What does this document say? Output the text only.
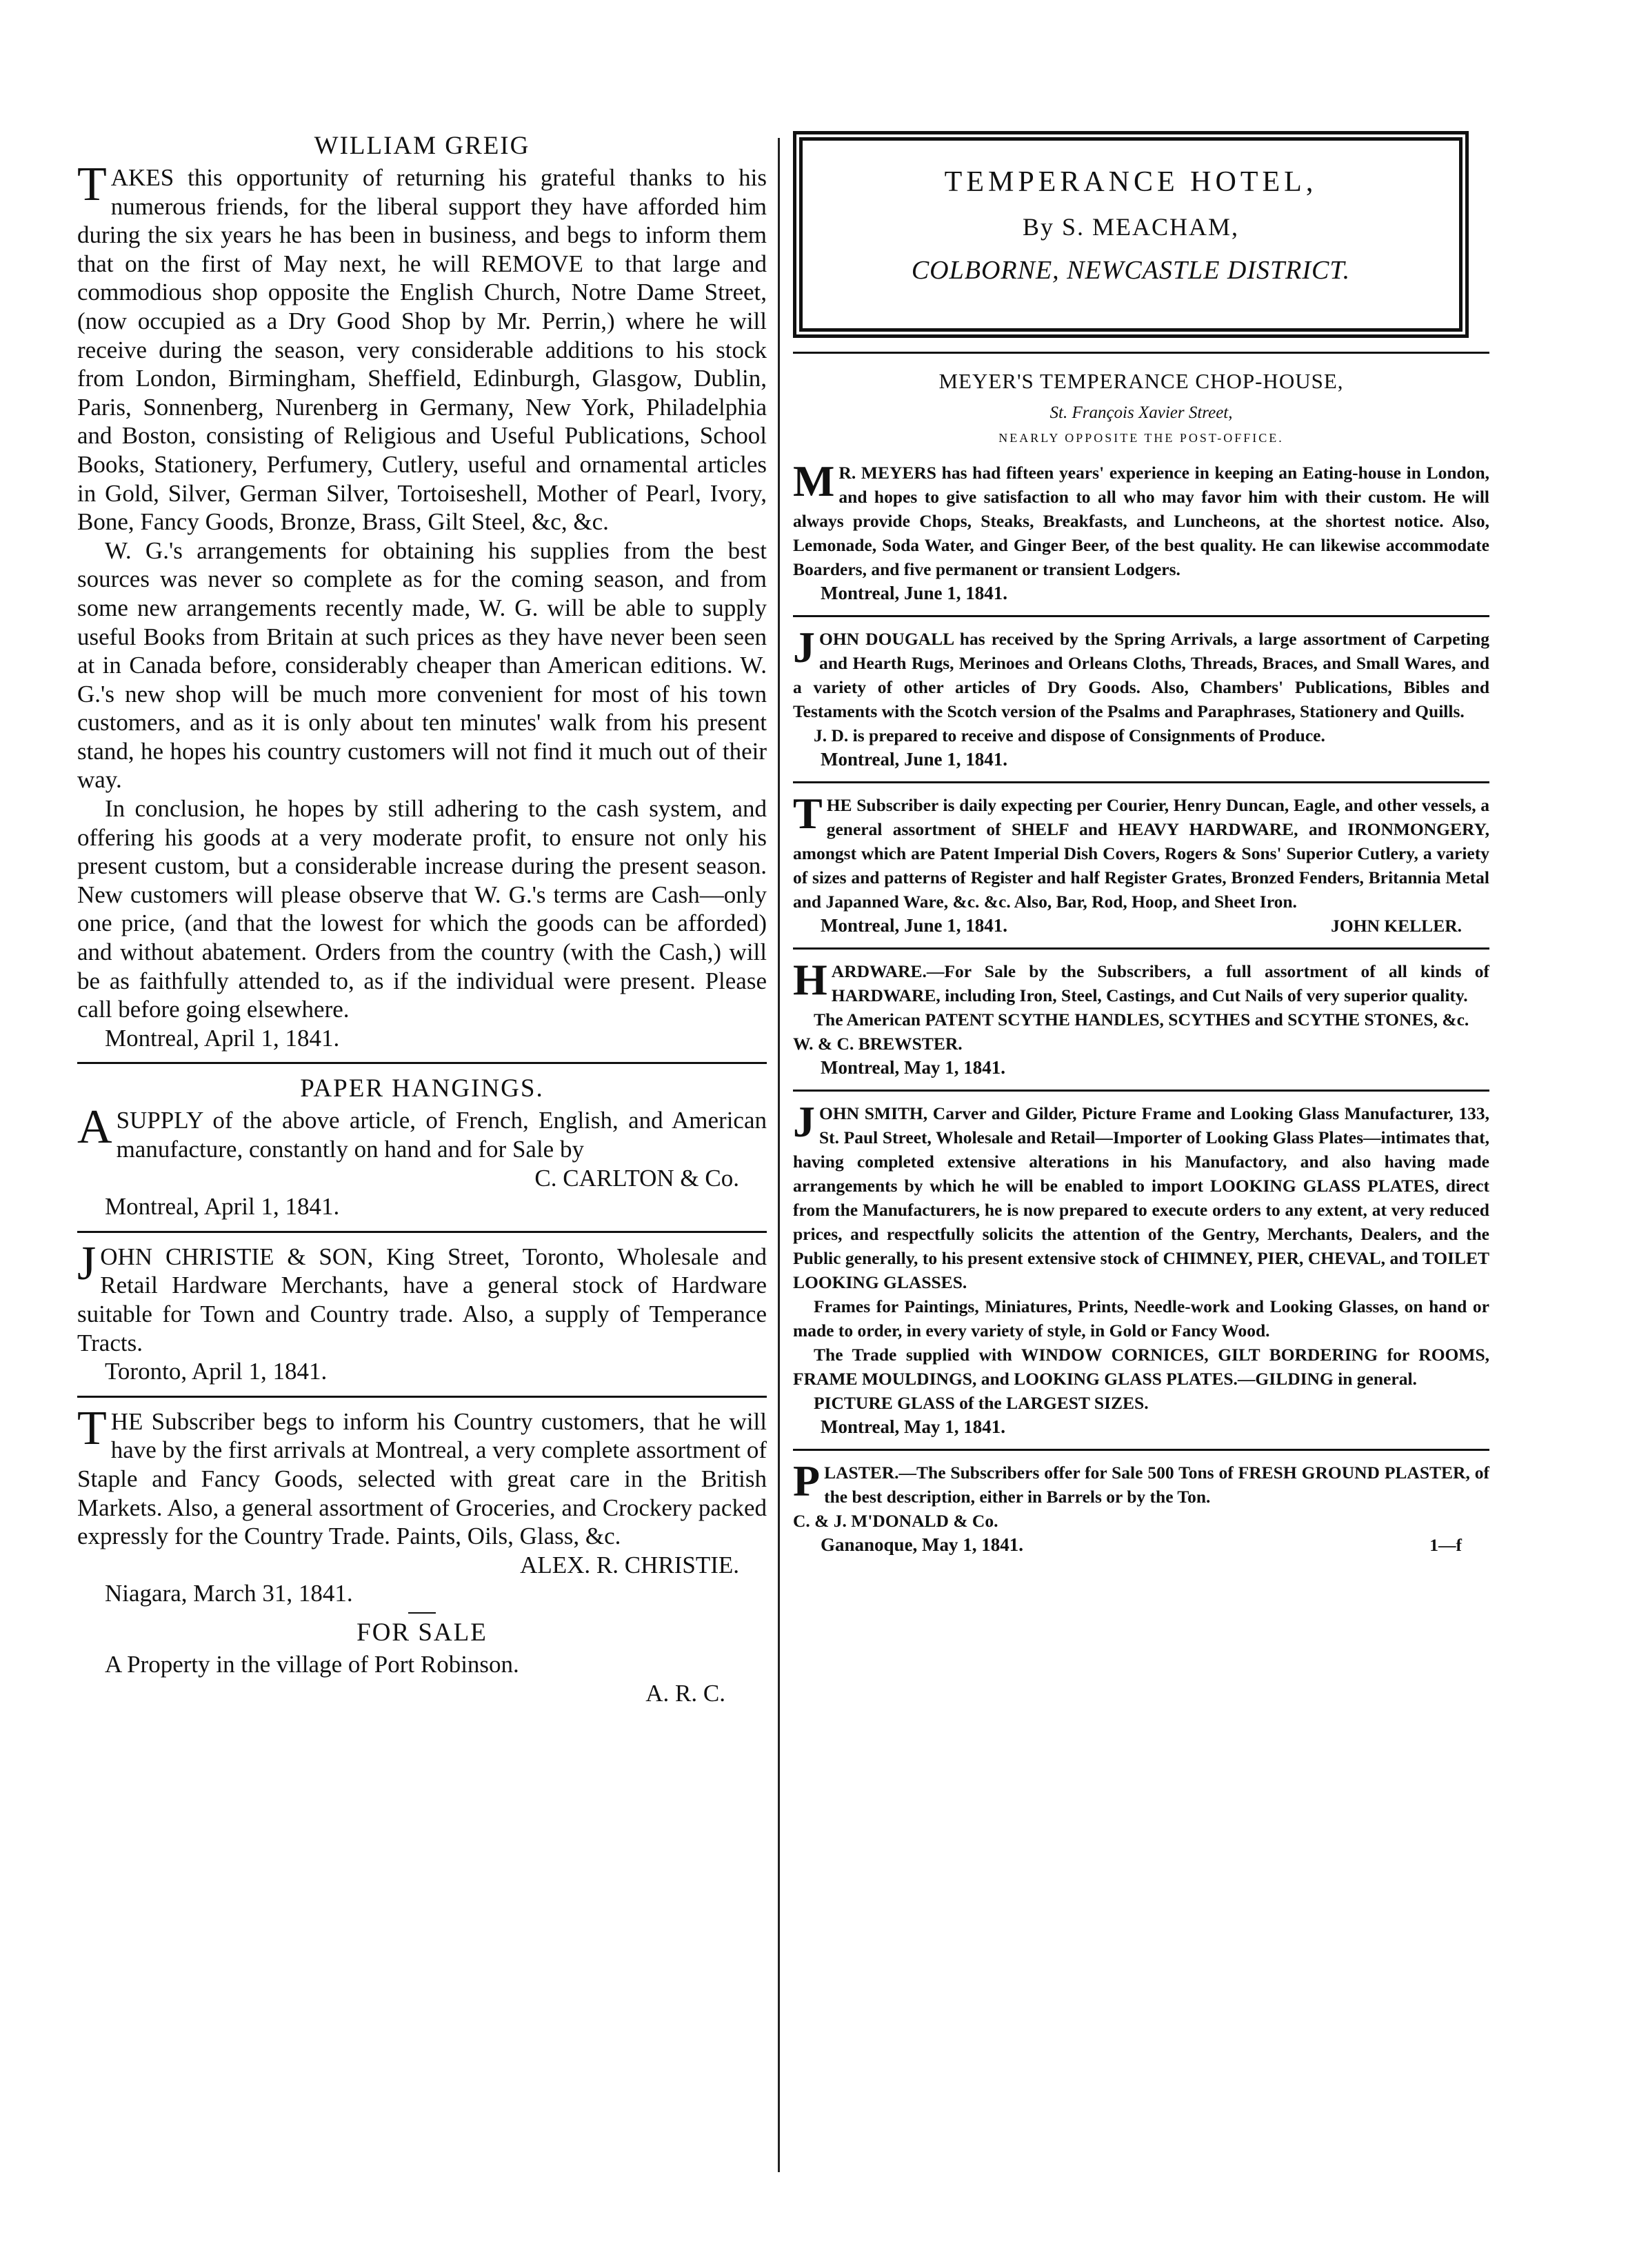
WILLIAM GREIG

TAKES this opportunity of returning his grateful thanks to his numerous friends, for the liberal support they have afforded him during the six years he has been in business, and begs to inform them that on the first of May next, he will REMOVE to that large and commodious shop opposite the English Church, Notre Dame Street, (now occupied as a Dry Good Shop by Mr. Perrin,) where he will receive during the season, very considerable additions to his stock from London, Birmingham, Sheffield, Edinburgh, Glasgow, Dublin, Paris, Sonnenberg, Nurenberg in Germany, New York, Philadelphia and Boston, consisting of Religious and Useful Publications, School Books, Stationery, Perfumery, Cutlery, useful and ornamental articles in Gold, Silver, German Silver, Tortoiseshell, Mother of Pearl, Ivory, Bone, Fancy Goods, Bronze, Brass, Gilt Steel, &c, &c.

W. G.'s arrangements for obtaining his supplies from the best sources was never so complete as for the coming season, and from some new arrangements recently made, W. G. will be able to supply useful Books from Britain at such prices as they have never been seen at in Canada before, considerably cheaper than American editions. W. G.'s new shop will be much more convenient for most of his town customers, and as it is only about ten minutes' walk from his present stand, he hopes his country customers will not find it much out of their way.

In conclusion, he hopes by still adhering to the cash system, and offering his goods at a very moderate profit, to ensure not only his present custom, but a considerable increase during the present season. New customers will please observe that W. G.'s terms are Cash—only one price, (and that the lowest for which the goods can be afforded) and without abatement. Orders from the country (with the Cash,) will be as faithfully attended to, as if the individual were present. Please call before going elsewhere.

Montreal, April 1, 1841.

PAPER HANGINGS.

ASUPPLY of the above article, of French, English, and American manufacture, constantly on hand and for Sale by

C. CARLTON & Co.

Montreal, April 1, 1841.

JOHN CHRISTIE & SON, King Street, Toronto, Wholesale and Retail Hardware Merchants, have a general stock of Hardware suitable for Town and Country trade. Also, a supply of Temperance Tracts.

Toronto, April 1, 1841.

THE Subscriber begs to inform his Country customers, that he will have by the first arrivals at Montreal, a very complete assortment of Staple and Fancy Goods, selected with great care in the British Markets. Also, a general assortment of Groceries, and Crockery packed expressly for the Country Trade. Paints, Oils, Glass, &c.

ALEX. R. CHRISTIE.

Niagara, March 31, 1841.

FOR SALE

A Property in the village of Port Robinson.

A. R. C.

TEMPERANCE HOTEL,
By S. MEACHAM,
COLBORNE, NEWCASTLE DISTRICT.
MEYER'S TEMPERANCE CHOP-HOUSE,
St. François Xavier Street,
NEARLY OPPOSITE THE POST-OFFICE.

M R. MEYERS has had fifteen years' experience in keeping an Eating-house in London, and hopes to give satisfaction to all who may favor him with their custom. He will always provide Chops, Steaks, Breakfasts, and Luncheons, at the shortest notice. Also, Lemonade, Soda Water, and Ginger Beer, of the best quality. He can likewise accommodate Boarders, and five permanent or transient Lodgers.

Montreal, June 1, 1841.

JOHN DOUGALL has received by the Spring Arrivals, a large assortment of Carpeting and Hearth Rugs, Merinoes and Orleans Cloths, Threads, Braces, and Small Wares, and a variety of other articles of Dry Goods. Also, Chambers' Publications, Bibles and Testaments with the Scotch version of the Psalms and Paraphrases, Stationery and Quills.

J. D. is prepared to receive and dispose of Consignments of Produce.

Montreal, June 1, 1841.

THE Subscriber is daily expecting per Courier, Henry Duncan, Eagle, and other vessels, a general assortment of SHELF and HEAVY HARDWARE, and IRONMONGERY, amongst which are Patent Imperial Dish Covers, Rogers & Sons' Superior Cutlery, a variety of sizes and patterns of Register and half Register Grates, Bronzed Fenders, Britannia Metal and Japanned Ware, &c. &c. Also, Bar, Rod, Hoop, and Sheet Iron.

Montreal, June 1, 1841.	JOHN KELLER.

HARDWARE.—For Sale by the Subscribers, a full assortment of all kinds of HARDWARE, including Iron, Steel, Castings, and Cut Nails of very superior quality.

The American PATENT SCYTHE HANDLES, SCYTHES and SCYTHE STONES, &c.

W. & C. BREWSTER.

Montreal, May 1, 1841.

JOHN SMITH, Carver and Gilder, Picture Frame and Looking Glass Manufacturer, 133, St. Paul Street, Wholesale and Retail—Importer of Looking Glass Plates—intimates that, having completed extensive alterations in his Manufactory, and also having made arrangements by which he will be enabled to import LOOKING GLASS PLATES, direct from the Manufacturers, he is now prepared to execute orders to any extent, at very reduced prices, and respectfully solicits the attention of the Gentry, Merchants, Dealers, and the Public generally, to his present extensive stock of CHIMNEY, PIER, CHEVAL, and TOILET LOOKING GLASSES.

Frames for Paintings, Miniatures, Prints, Needle-work and Looking Glasses, on hand or made to order, in every variety of style, in Gold or Fancy Wood.

The Trade supplied with WINDOW CORNICES, GILT BORDERING for ROOMS, FRAME MOULDINGS, and LOOKING GLASS PLATES.—GILDING in general.

PICTURE GLASS of the LARGEST SIZES.

Montreal, May 1, 1841.

PLASTER.—The Subscribers offer for Sale 500 Tons of FRESH GROUND PLASTER, of the best description, either in Barrels or by the Ton.

C. & J. M'DONALD & Co.

Gananoque, May 1, 1841.	1—f
